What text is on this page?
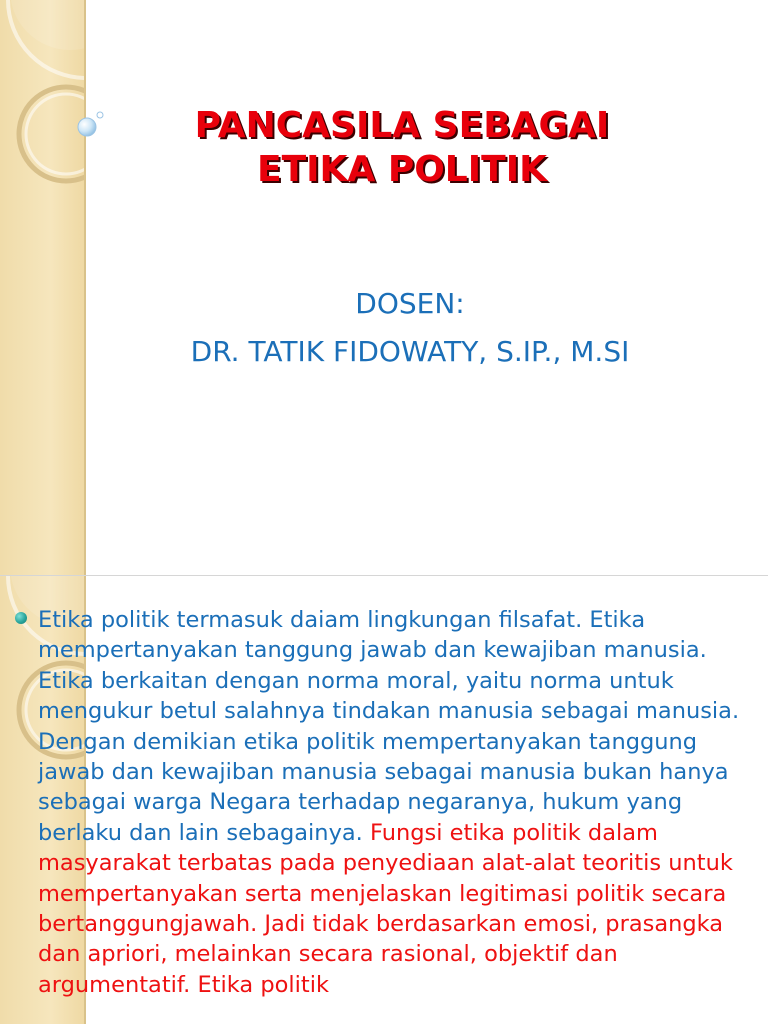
PANCASILA SEBAGAI
ETIKA POLITIK
DOSEN:
DR. TATIK FIDOWATY, S.IP., M.SI

Etika politik termasuk daiam lingkungan filsafat. Etika mempertanyakan tanggung jawab dan kewajiban manusia. Etika berkaitan dengan norma moral, yaitu norma untuk mengukur betul salahnya tindakan manusia sebagai manusia. Dengan demikian etika politik mempertanyakan tanggung jawab dan kewajiban manusia sebagai manusia bukan hanya sebagai warga Negara terhadap negaranya, hukum yang berlaku dan lain sebagainya. Fungsi etika politik dalam masyarakat terbatas pada penyediaan alat-alat teoritis untuk mempertanyakan serta menjelaskan legitimasi politik secara bertanggungjawah. Jadi tidak berdasarkan emosi, prasangka dan apriori, melainkan secara rasional, objektif dan argumentatif. Etika politik
